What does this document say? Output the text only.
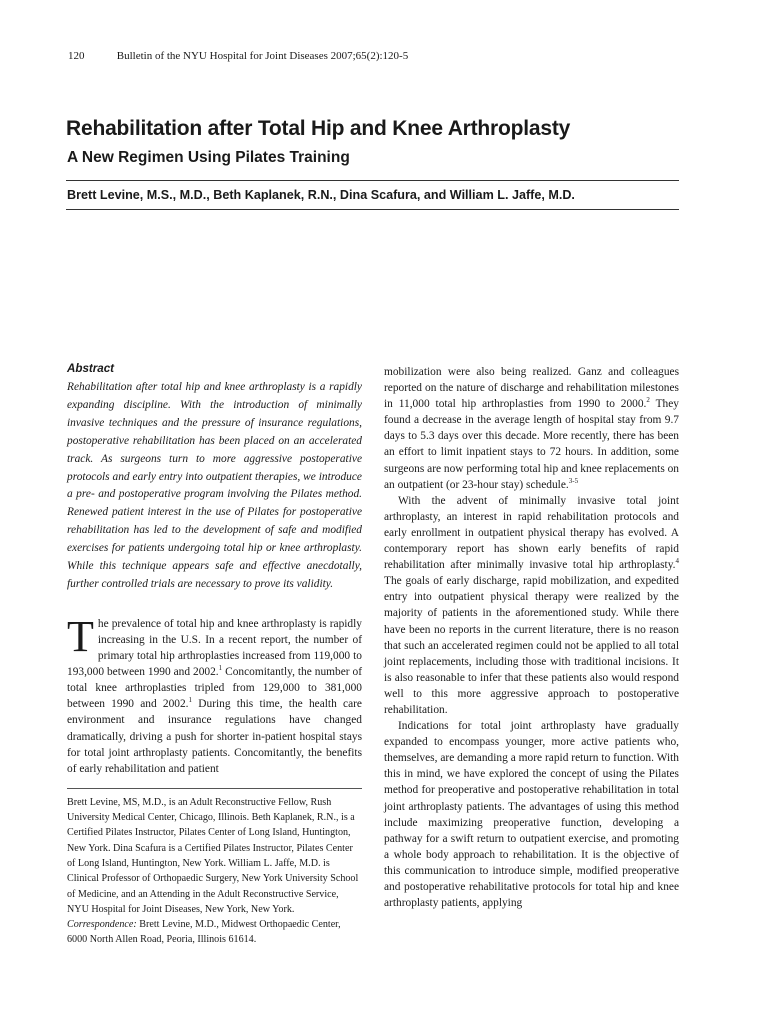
120	Bulletin of the NYU Hospital for Joint Diseases 2007;65(2):120-5
Rehabilitation after Total Hip and Knee Arthroplasty
A New Regimen Using Pilates Training

Brett Levine, M.S., M.D., Beth Kaplanek, R.N., Dina Scafura, and William L. Jaffe, M.D.

Abstract

Rehabilitation after total hip and knee arthroplasty is a rapidly expanding discipline. With the introduction of minimally invasive techniques and the pressure of insurance regulations, postoperative rehabilitation has been placed on an accelerated track. As surgeons turn to more aggressive postoperative protocols and early entry into outpatient therapies, we introduce a pre- and postoperative program involving the Pilates method. Renewed patient interest in the use of Pilates for postoperative rehabilitation has led to the development of safe and modified exercises for patients undergoing total hip or knee arthroplasty. While this technique appears safe and effective anecdotally, further controlled trials are necessary to prove its validity.

The prevalence of total hip and knee arthroplasty is rapidly increasing in the U.S. In a recent report, the number of primary total hip arthroplasties increased from 119,000 to 193,000 between 1990 and 2002.$^1$ Concomitantly, the number of total knee arthroplasties tripled from 129,000 to 381,000 between 1990 and 2002.$^1$ During this time, the health care environment and insurance regulations have changed dramatically, driving a push for shorter in-patient hospital stays for total joint arthroplasty patients. Concomitantly, the benefits of early rehabilitation and patient

Brett Levine, MS, M.D., is an Adult Reconstructive Fellow, Rush University Medical Center, Chicago, Illinois. Beth Kaplanek, R.N., is a Certified Pilates Instructor, Pilates Center of Long Island, Huntington, New York. Dina Scafura is a Certified Pilates Instructor, Pilates Center of Long Island, Huntington, New York. William L. Jaffe, M.D. is Clinical Professor of Orthopaedic Surgery, New York University School of Medicine, and an Attending in the Adult Reconstructive Service, NYU Hospital for Joint Diseases, New York, New York.
Correspondence: Brett Levine, M.D., Midwest Orthopaedic Center, 6000 North Allen Road, Peoria, Illinois 61614.

mobilization were also being realized. Ganz and colleagues reported on the nature of discharge and rehabilitation milestones in 11,000 total hip arthroplasties from 1990 to 2000.$^2$ They found a decrease in the average length of hospital stay from 9.7 days to 5.3 days over this decade. More recently, there has been an effort to limit inpatient stays to 72 hours. In addition, some surgeons are now performing total hip and knee replacements on an outpatient (or 23-hour stay) schedule.$^{3-5}$

With the advent of minimally invasive total joint arthroplasty, an interest in rapid rehabilitation protocols and early enrollment in outpatient physical therapy has evolved. A contemporary report has shown early benefits of rapid rehabilitation after minimally invasive total hip arthroplasty.$^4$ The goals of early discharge, rapid mobilization, and expedited entry into outpatient physical therapy were realized by the majority of patients in the aforementioned study. While there have been no reports in the current literature, there is no reason that such an accelerated regimen could not be applied to all total joint replacements, including those with traditional incisions. It is also reasonable to infer that these patients also would respond well to this more aggressive approach to postoperative rehabilitation.

Indications for total joint arthroplasty have gradually expanded to encompass younger, more active patients who, themselves, are demanding a more rapid return to function. With this in mind, we have explored the concept of using the Pilates method for preoperative and postoperative rehabilitation in total joint arthroplasty patients. The advantages of using this method include maximizing preoperative function, developing a pathway for a swift return to outpatient exercise, and promoting a whole body approach to rehabilitation. It is the objective of this communication to introduce simple, modified preoperative and postoperative rehabilitative protocols for total hip and knee arthroplasty patients, applying
